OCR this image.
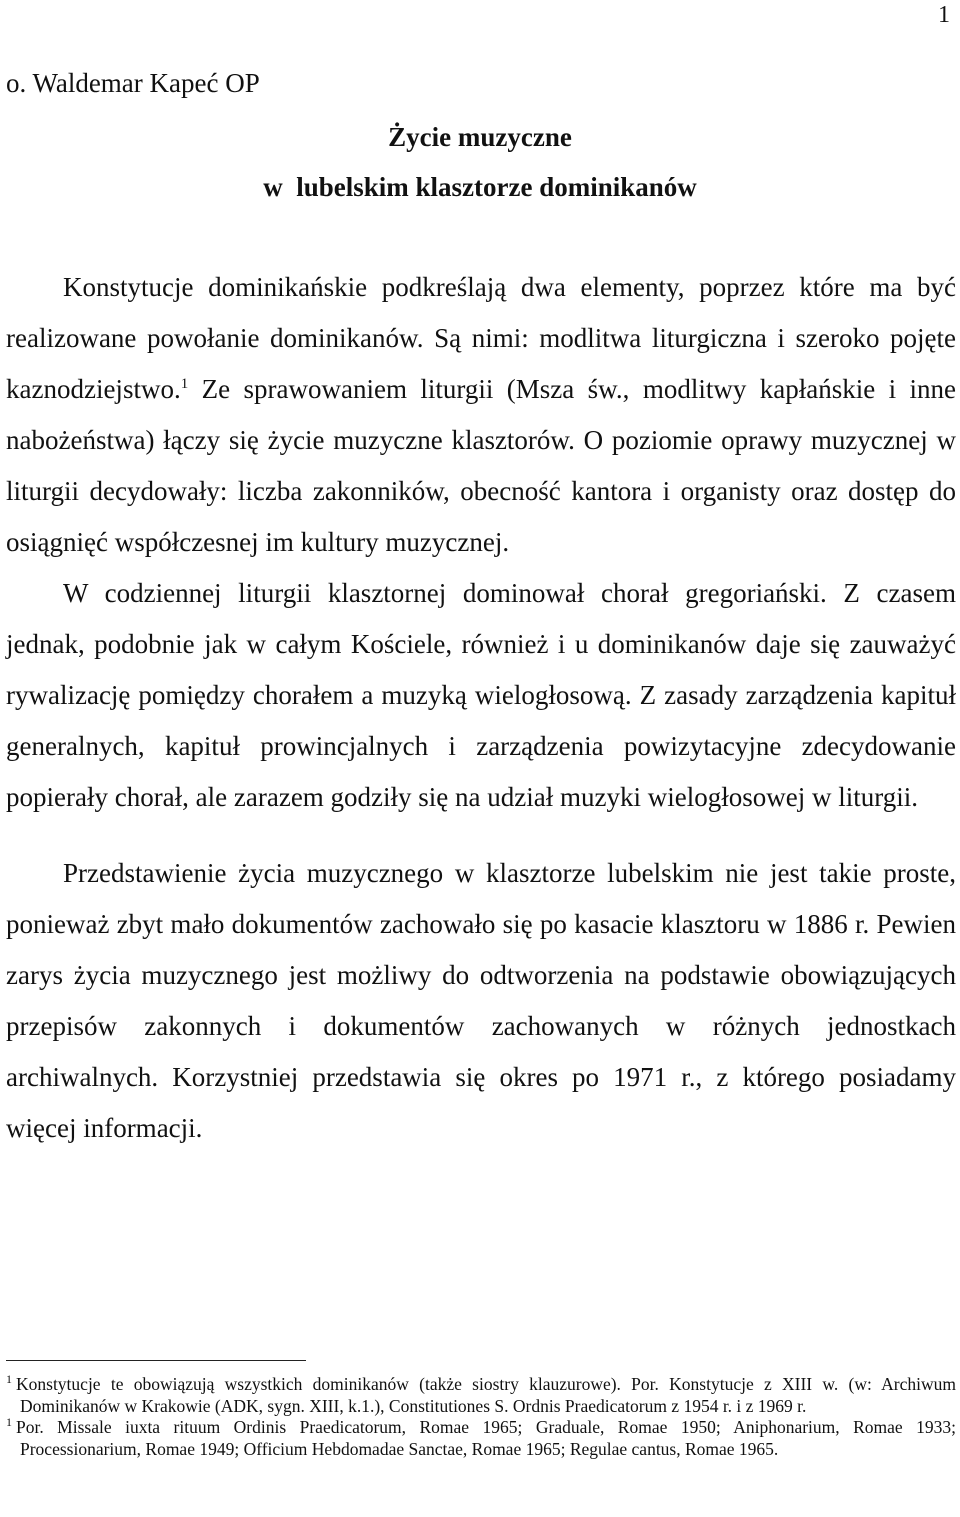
1
o. Waldemar Kapeć OP
Życie muzyczne
w  lubelskim klasztorze dominikanów

Konstytucje dominikańskie podkreślają dwa elementy, poprzez które ma być realizowane powołanie dominikanów. Są nimi: modlitwa liturgiczna i szeroko pojęte kaznodziejstwo.$^1$ Ze sprawowaniem liturgii (Msza św., modlitwy kapłańskie i inne nabożeństwa) łączy się życie muzyczne klasztorów. O poziomie oprawy muzycznej w liturgii decydowały: liczba zakonników, obecność kantora i organisty oraz dostęp do osiągnięć współczesnej im kultury muzycznej.

W codziennej liturgii klasztornej dominował chorał gregoriański. Z czasem jednak, podobnie jak w całym Kościele, również i u dominikanów daje się zauważyć rywalizację pomiędzy chorałem a muzyką wielogłosową. Z zasady zarządzenia kapituł generalnych, kapituł prowincjalnych i zarządzenia powizytacyjne zdecydowanie popierały chorał, ale zarazem godziły się na udział muzyki wielogłosowej w liturgii.

Przedstawienie życia muzycznego w klasztorze lubelskim nie jest takie proste, ponieważ zbyt mało dokumentów zachowało się po kasacie klasztoru w 1886 r. Pewien zarys życia muzycznego jest możliwy do odtworzenia na podstawie obowiązujących przepisów zakonnych i dokumentów zachowanych w różnych jednostkach archiwalnych. Korzystniej przedstawia się okres po 1971 r., z którego posiadamy więcej informacji.

$^1$ Konstytucje te obowiązują wszystkich dominikanów (także siostry klauzurowe). Por. Konstytucje z XIII w. (w: Archiwum Dominikanów w Krakowie (ADK, sygn. XIII, k.1.), Constitutiones S. Ordnis Praedicatorum z 1954 r. i z 1969 r.

$^1$ Por. Missale iuxta rituum Ordinis Praedicatorum, Romae 1965; Graduale, Romae 1950; Aniphonarium, Romae 1933; Processionarium, Romae 1949; Officium Hebdomadae Sanctae, Romae 1965; Regulae cantus, Romae 1965.
